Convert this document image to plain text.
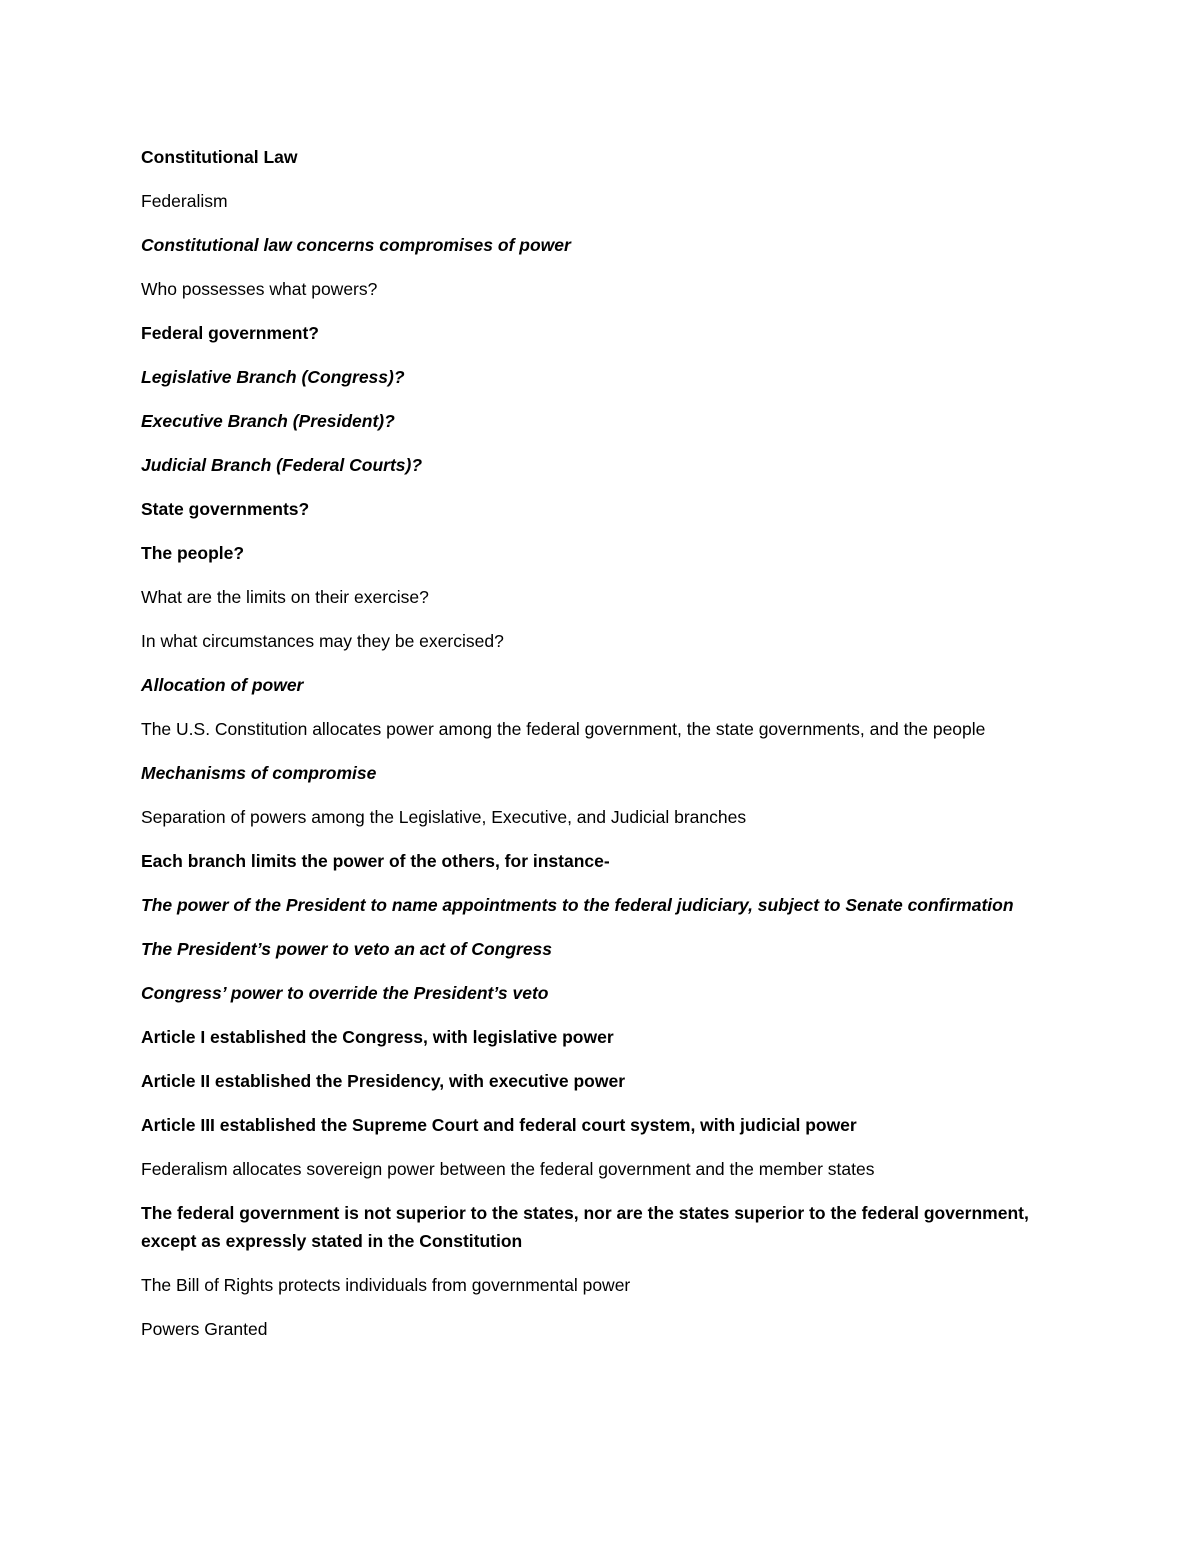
Constitutional Law

Federalism

Constitutional law concerns compromises of power

Who possesses what powers?

Federal government?

Legislative Branch (Congress)?

Executive Branch (President)?

Judicial Branch (Federal Courts)?

State governments?

The people?

What are the limits on their exercise?

In what circumstances may they be exercised?

Allocation of power

The U.S. Constitution allocates power among the federal government, the state governments, and the people

Mechanisms of compromise

Separation of powers among the Legislative, Executive, and Judicial branches

Each branch limits the power of the others, for instance-

The power of the President to name appointments to the federal judiciary, subject to Senate confirmation

The President’s power to veto an act of Congress

Congress’ power to override the President’s veto

Article I established the Congress, with legislative power

Article II established the Presidency, with executive power

Article III established the Supreme Court and federal court system, with judicial power

Federalism allocates sovereign power between the federal government and the member states

The federal government is not superior to the states, nor are the states superior to the federal government, except as expressly stated in the Constitution

The Bill of Rights protects individuals from governmental power

Powers Granted
